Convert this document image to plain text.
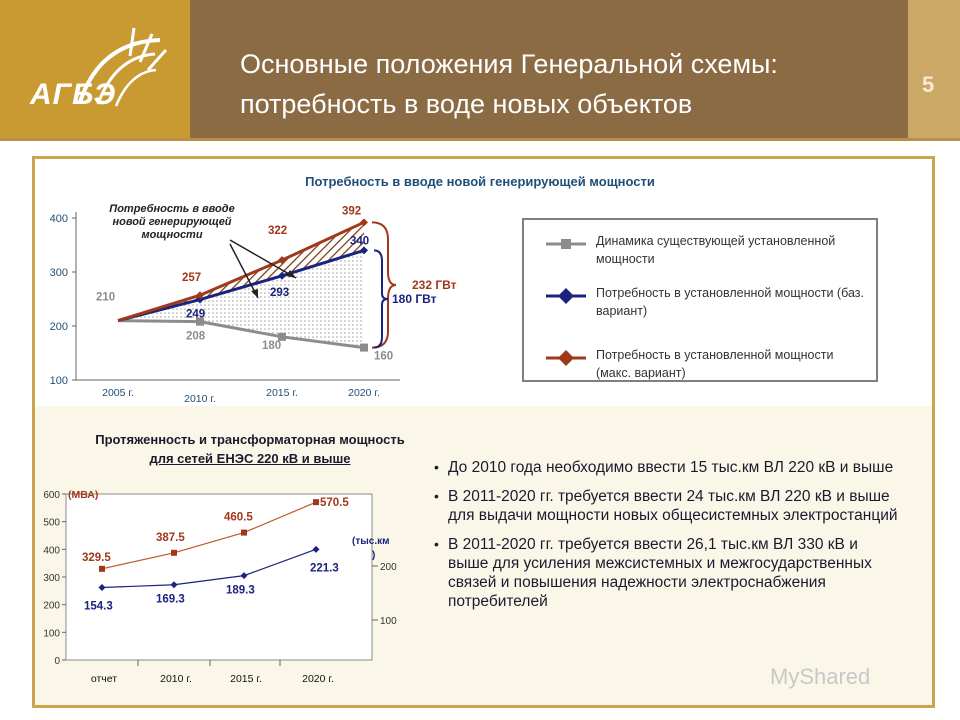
АГБЭ
Основные положения Генеральной схемы:
потребность в воде новых объектов
5
Потребность в вводе новой генерирующей мощности
100
200
300
400
2005 г.	2010 г.	2015 г.	2020 г.
210
208
180
160
249
293
340
257
322
392
232 ГВт
180 ГВт
Потребность в вводе
новой генерирующей
мощности	Динамика существующей установленной мощности
Потребность в установленной мощности (баз. вариант)
Потребность в установленной мощности (макс. вариант)
Протяженность и трансформаторная мощность
для сетей ЕНЭС 220 кВ и выше
0
100
200
300
400
500
600
отчет	2010 г.	2015 г.	2020 г.
(МВА)
(тыс.км
)
200
100
329.5
387.5
460.5
570.5
154.3
169.3
189.3
221.3
• До 2010 года необходимо ввести 15 тыс.км ВЛ 220 кВ и выше
• В 2011-2020 гг. требуется ввести 24 тыс.км ВЛ 220 кВ и выше для выдачи мощности новых общесистемных электростанций
• В 2011-2020 гг. требуется ввести 26,1 тыс.км ВЛ 330 кВ и выше для усиления межсистемных и межгосударственных связей и повышения надежности электроснабжения потребителей
MyShared
